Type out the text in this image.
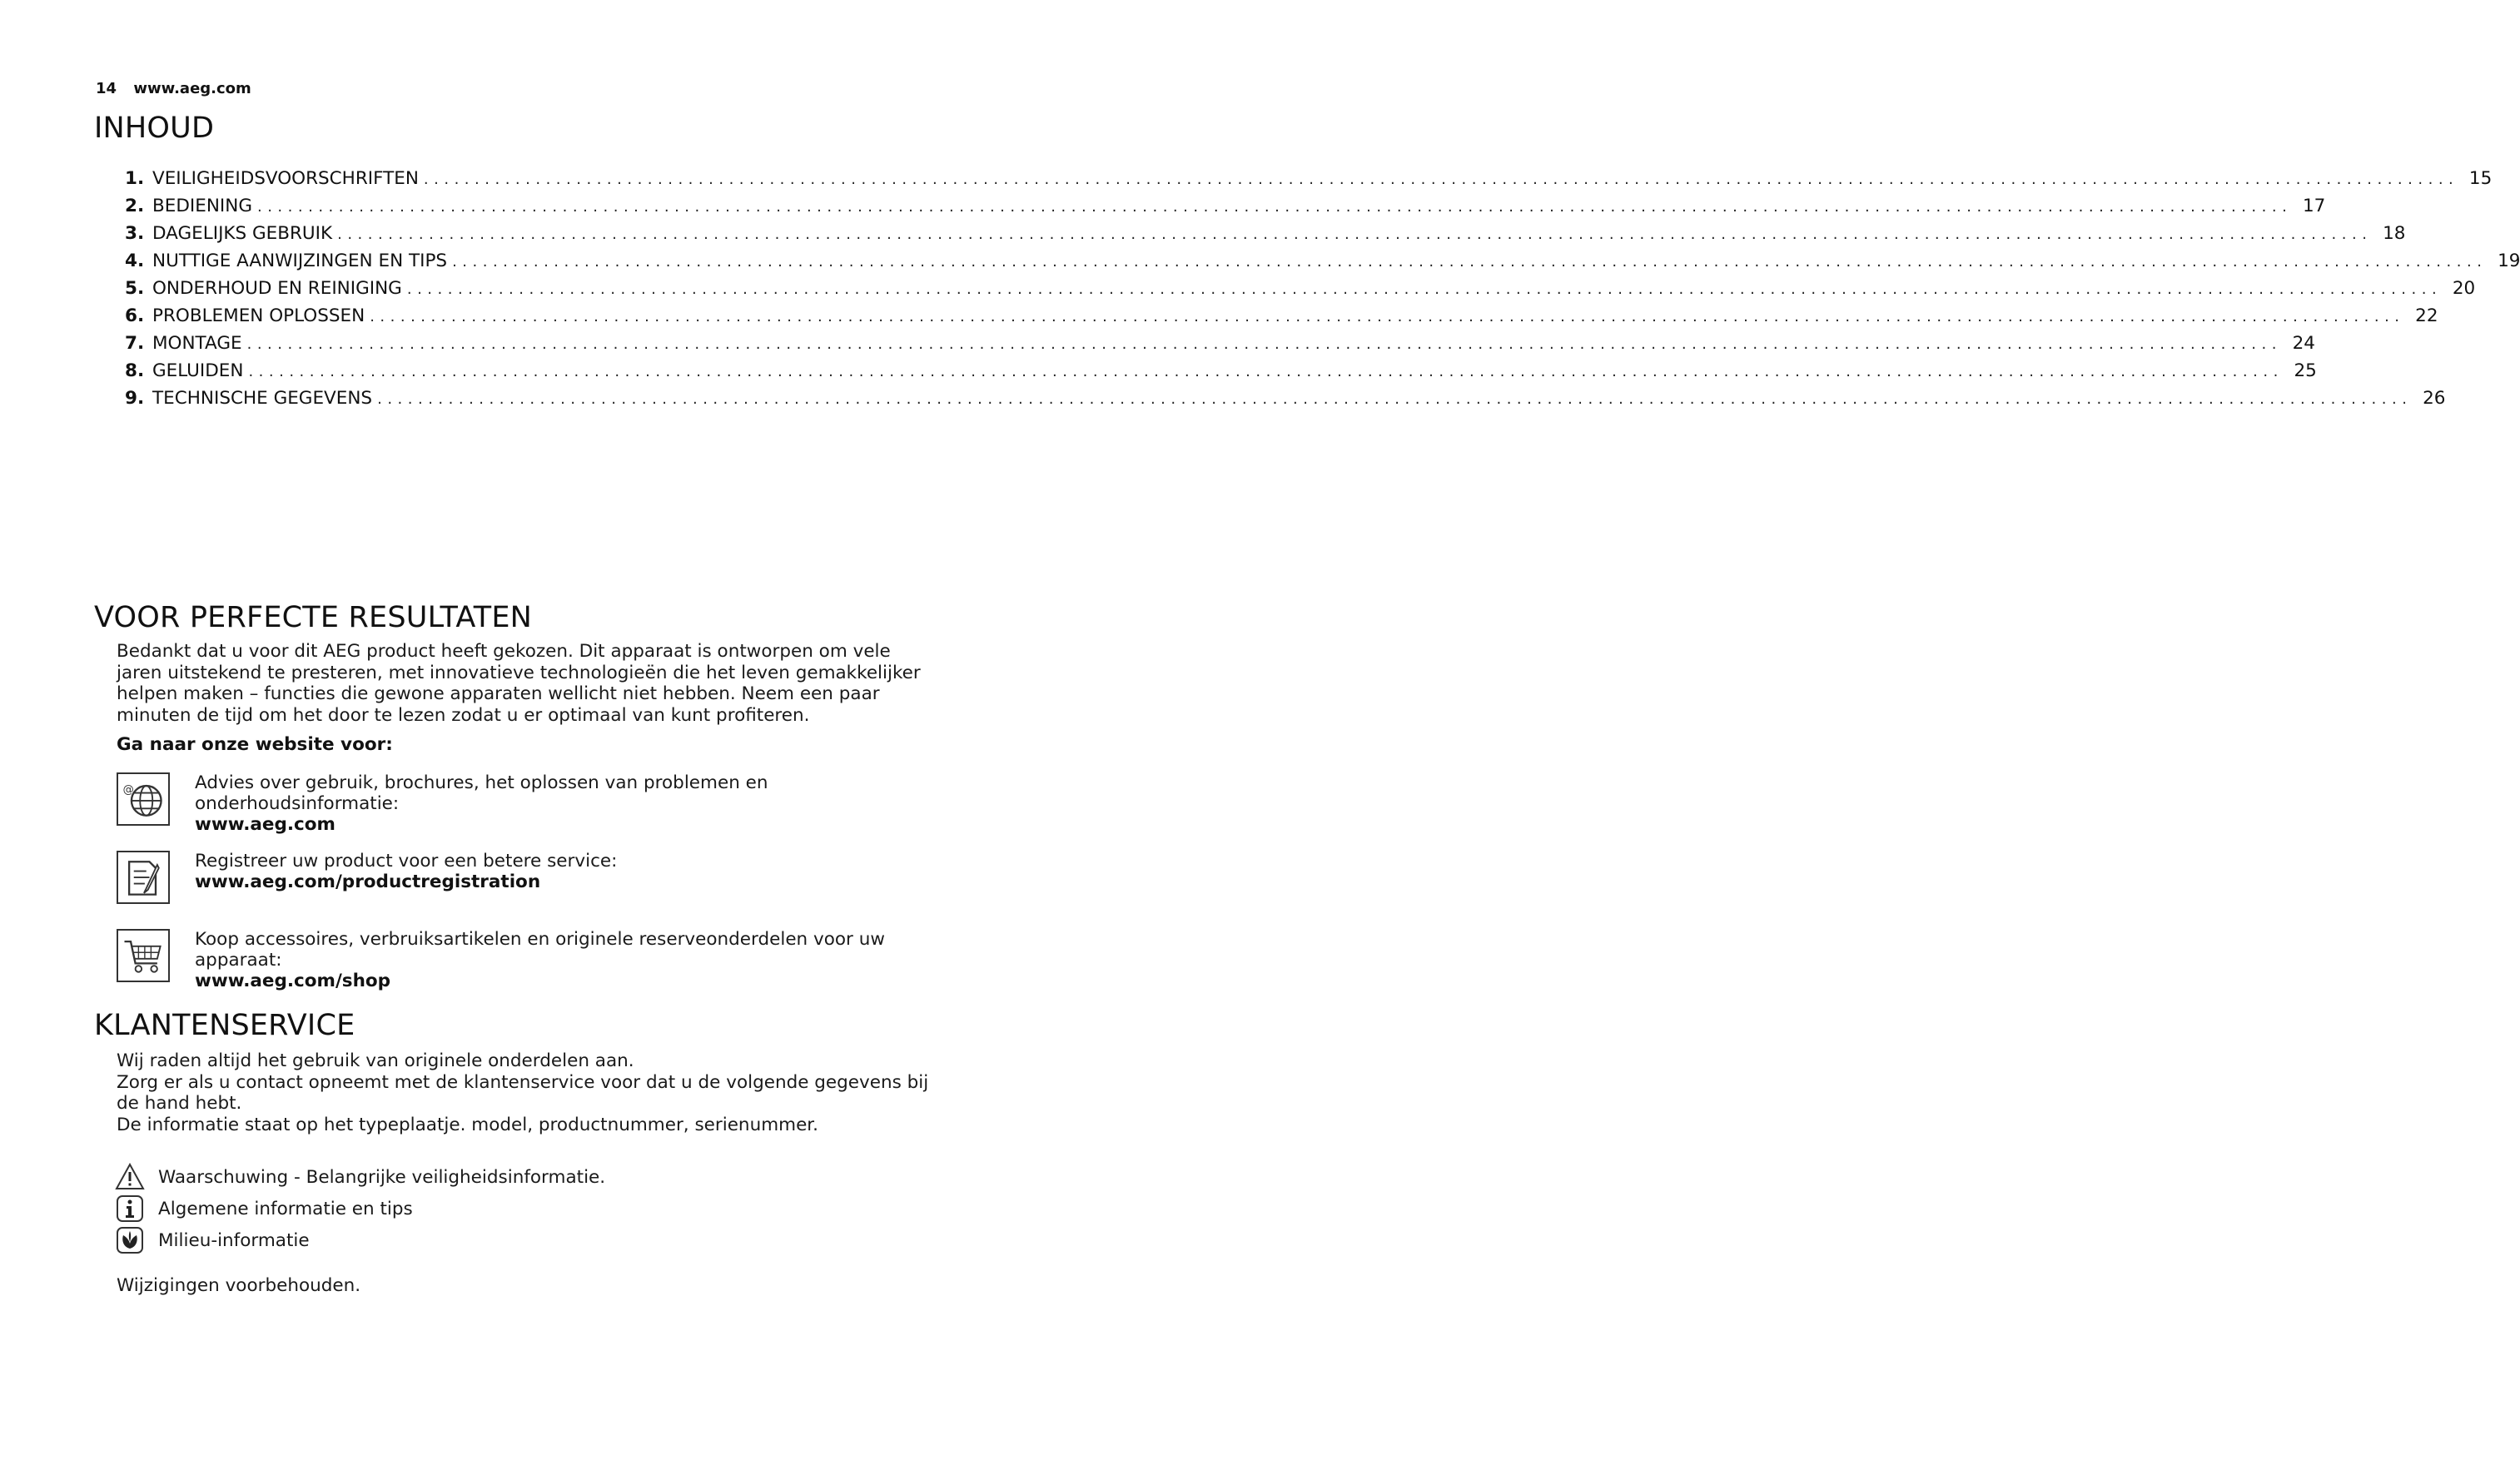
14 www.aeg.com
INHOUD
1. VEILIGHEIDSVOORSCHRIFTEN ........................................................................................................................................................................................................ 15
2. BEDIENING ........................................................................................................................................................................................................ 17
3. DAGELIJKS GEBRUIK ........................................................................................................................................................................................................ 18
4. NUTTIGE AANWIJZINGEN EN TIPS ........................................................................................................................................................................................................ 19
5. ONDERHOUD EN REINIGING ........................................................................................................................................................................................................ 20
6. PROBLEMEN OPLOSSEN ........................................................................................................................................................................................................ 22
7. MONTAGE ........................................................................................................................................................................................................ 24
8. GELUIDEN ........................................................................................................................................................................................................ 25
9. TECHNISCHE GEGEVENS ........................................................................................................................................................................................................ 26
VOOR PERFECTE RESULTATEN
Bedankt dat u voor dit AEG product heeft gekozen. Dit apparaat is ontworpen om vele jaren uitstekend te presteren, met innovatieve technologieën die het leven gemakkelijker helpen maken – functies die gewone apparaten wellicht niet hebben. Neem een paar minuten de tijd om het door te lezen zodat u er optimaal van kunt profiteren.
Ga naar onze website voor:
@	Advies over gebruik, brochures, het oplossen van problemen en onderhoudsinformatie:
www.aeg.com
Registreer uw product voor een betere service:
www.aeg.com/productregistration
Koop accessoires, verbruiksartikelen en originele reserveonderdelen voor uw apparaat:
www.aeg.com/shop
KLANTENSERVICE
Wij raden altijd het gebruik van originele onderdelen aan.
Zorg er als u contact opneemt met de klantenservice voor dat u de volgende gegevens bij de hand hebt.
De informatie staat op het typeplaatje. model, productnummer, serienummer.
Waarschuwing - Belangrijke veiligheidsinformatie.
Algemene informatie en tips
Milieu-informatie
Wijzigingen voorbehouden.
